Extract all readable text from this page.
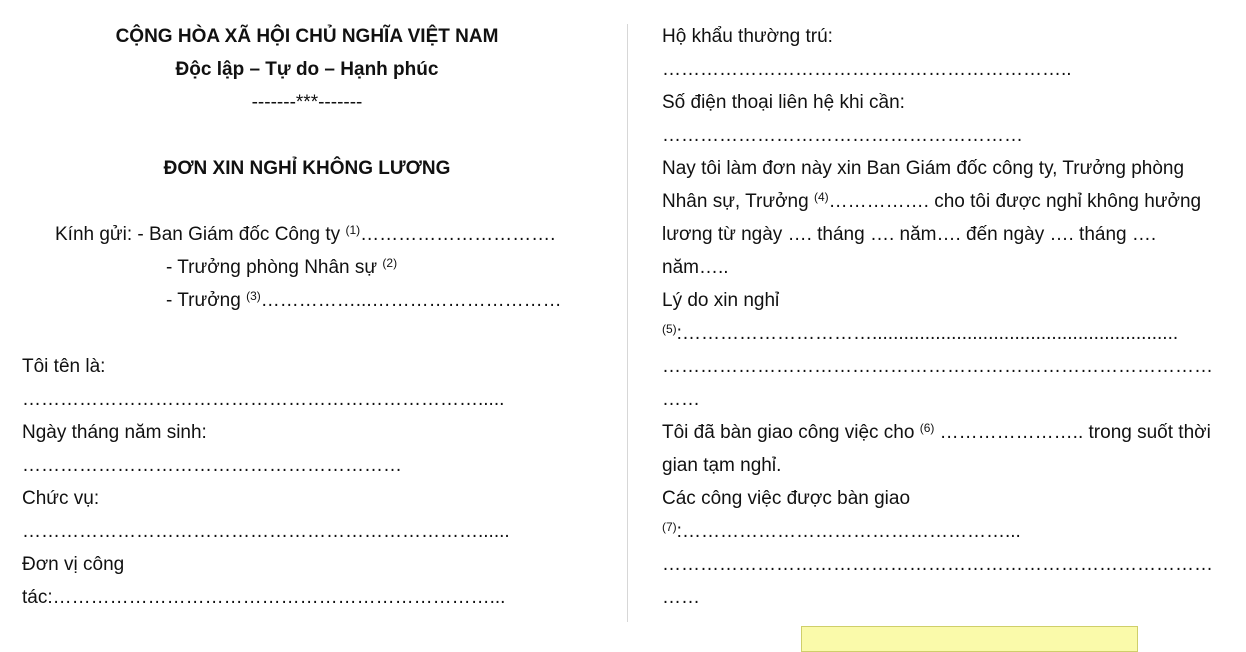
CỘNG HÒA XÃ HỘI CHỦ NGHĨA VIỆT NAM
Độc lập – Tự do – Hạnh phúc
-------***-------
ĐƠN XIN NGHỈ KHÔNG LƯƠNG
Kính gửi: - Ban Giám đốc Công ty $^{(1)}$………………………….
- Trưởng phòng Nhân sự $^{(2)}$
- Trưởng $^{(3)}$……………...…………………………
Tôi tên là:
……………………………………………………………….....
Ngày tháng năm sinh:
……………………………………………………
Chức vụ:
………………………………………………………………......
Đơn vị công
tác:……………………………………………………………...
Hộ khẩu thường trú:
………………………………………………………..
Số điện thoại liên hệ khi cần:
…………………………………………………
Nay tôi làm đơn này xin Ban Giám đốc công ty, Trưởng phòng
Nhân sự, Trưởng $^{(4)}$……………. cho tôi được nghỉ không hưởng
lương từ ngày …. tháng …. năm…. đến ngày …. tháng ….
năm…..
Lý do xin nghỉ
$^{(5)}$:…………………………..........................................................
……………………………………………………………………………
……
Tôi đã bàn giao công việc cho $^{(6)}$ ………………….. trong suốt thời
gian tạm nghỉ.
Các công việc được bàn giao
$^{(7)}$:……………………………………………...
……………………………………………………………………………
……
